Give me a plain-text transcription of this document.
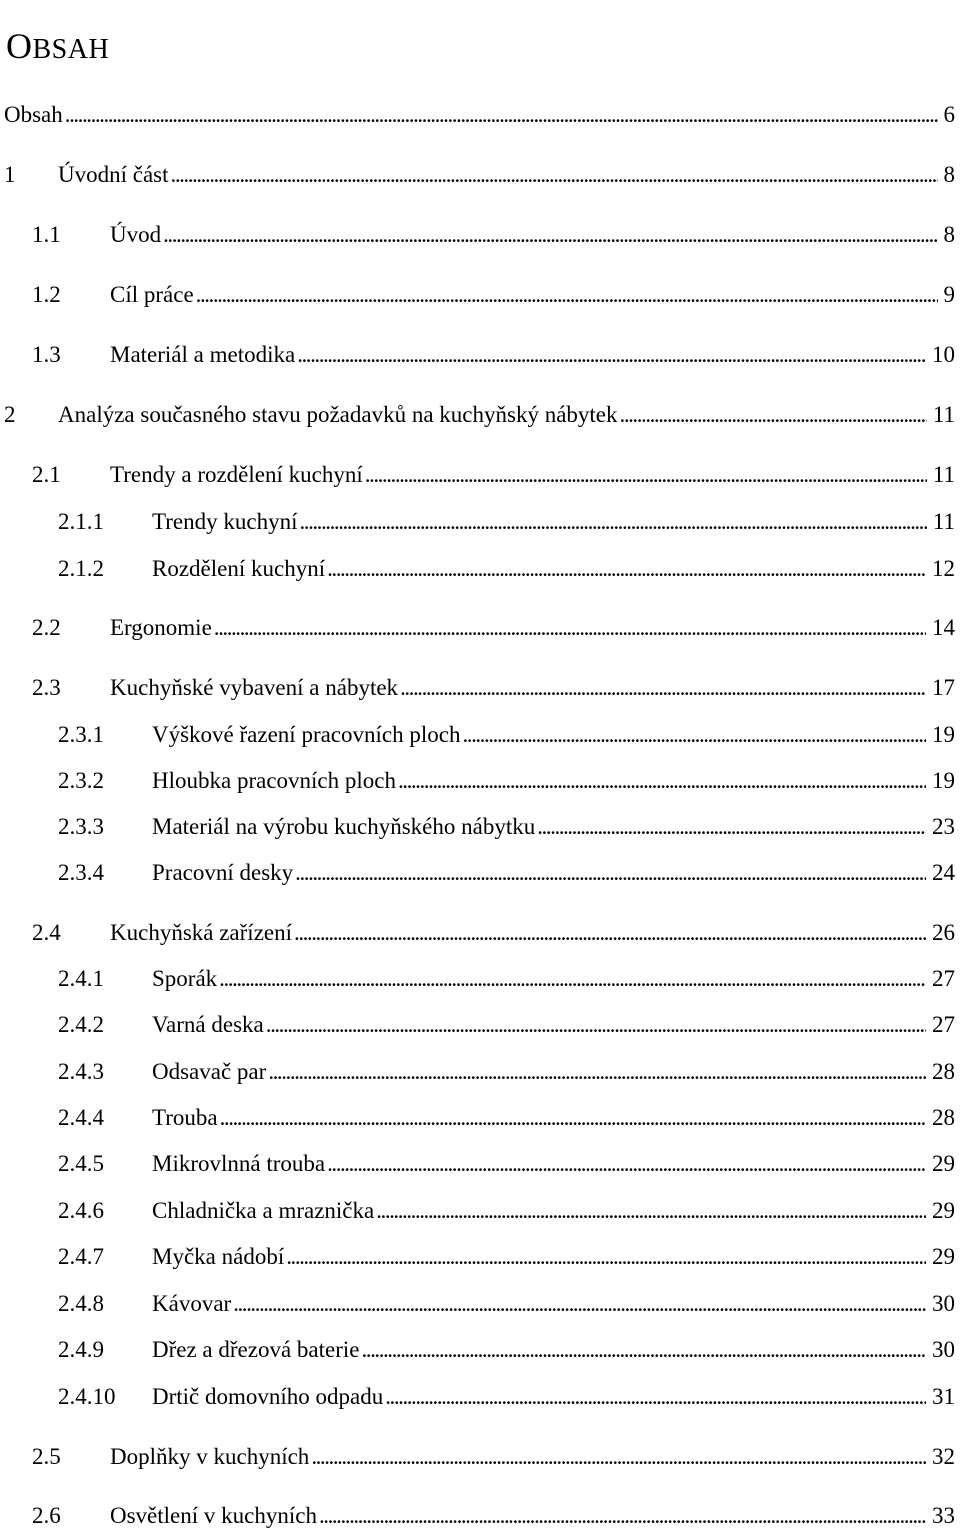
OBSAH
Obsah . . .	6
1	Úvodní část . . .	8
1.1	Úvod . . .	8
1.2	Cíl práce . . .	9
1.3	Materiál a metodika . . .	10
2	Analýza současného stavu požadavků na kuchyňský nábytek . . .	11
2.1	Trendy a rozdělení kuchyní . . .	11
2.1.1	Trendy kuchyní . . .	11
2.1.2	Rozdělení kuchyní . . .	12
2.2	Ergonomie . . .	14
2.3	Kuchyňské vybavení a nábytek . . .	17
2.3.1	Výškové řazení pracovních ploch . . .	19
2.3.2	Hloubka pracovních ploch . . .	19
2.3.3	Materiál na výrobu kuchyňského nábytku . . .	23
2.3.4	Pracovní desky . . .	24
2.4	Kuchyňská zařízení . . .	26
2.4.1	Sporák . . .	27
2.4.2	Varná deska . . .	27
2.4.3	Odsavač par . . .	28
2.4.4	Trouba . . .	28
2.4.5	Mikrovlnná trouba . . .	29
2.4.6	Chladnička a mraznička . . .	29
2.4.7	Myčka nádobí . . .	29
2.4.8	Kávovar . . .	30
2.4.9	Dřez a dřezová baterie . . .	30
2.4.10	Drtič domovního odpadu . . .	31
2.5	Doplňky v kuchyních . . .	32
2.6	Osvětlení v kuchyních . . .	33
